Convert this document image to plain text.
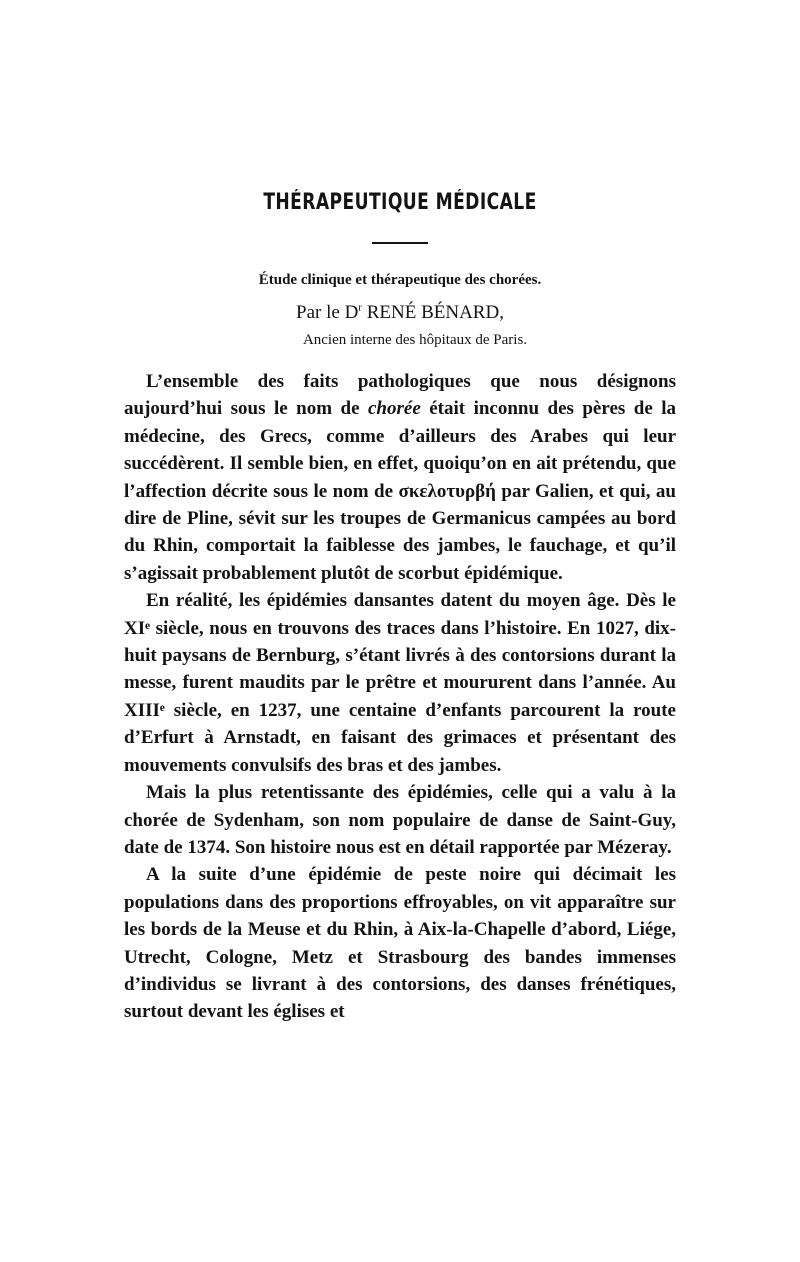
THÉRAPEUTIQUE MÉDICALE
Étude clinique et thérapeutique des chorées.
Par le $D^r$ RENÉ BÉNARD,
Ancien interne des hôpitaux de Paris.

L’ensemble des faits pathologiques que nous désignons aujourd’hui sous le nom de chorée était inconnu des pères de la médecine, des Grecs, comme d’ailleurs des Arabes qui leur succédèrent. Il semble bien, en effet, quoiqu’on en ait prétendu, que l’affection décrite sous le nom de σκελοτυρβή par Galien, et qui, au dire de Pline, sévit sur les troupes de Germanicus campées au bord du Rhin, comportait la faiblesse des jambes, le fauchage, et qu’il s’agissait probablement plutôt de scorbut épidémique.

En réalité, les épidémies dansantes datent du moyen âge. Dès le XIᵉ siècle, nous en trouvons des traces dans l’histoire. En 1027, dix-huit paysans de Bernburg, s’étant livrés à des contorsions durant la messe, furent maudits par le prêtre et moururent dans l’année. Au XIIIᵉ siècle, en 1237, une centaine d’enfants parcourent la route d’Erfurt à Arnstadt, en faisant des grimaces et présentant des mouvements convulsifs des bras et des jambes.

Mais la plus retentissante des épidémies, celle qui a valu à la chorée de Sydenham, son nom populaire de danse de Saint-Guy, date de 1374. Son histoire nous est en détail rapportée par Mézeray.

A la suite d’une épidémie de peste noire qui décimait les populations dans des proportions effroyables, on vit apparaître sur les bords de la Meuse et du Rhin, à Aix-la-Chapelle d’abord, Liége, Utrecht, Cologne, Metz et Strasbourg des bandes immenses d’individus se livrant à des contorsions, des danses frénétiques, surtout devant les églises et
